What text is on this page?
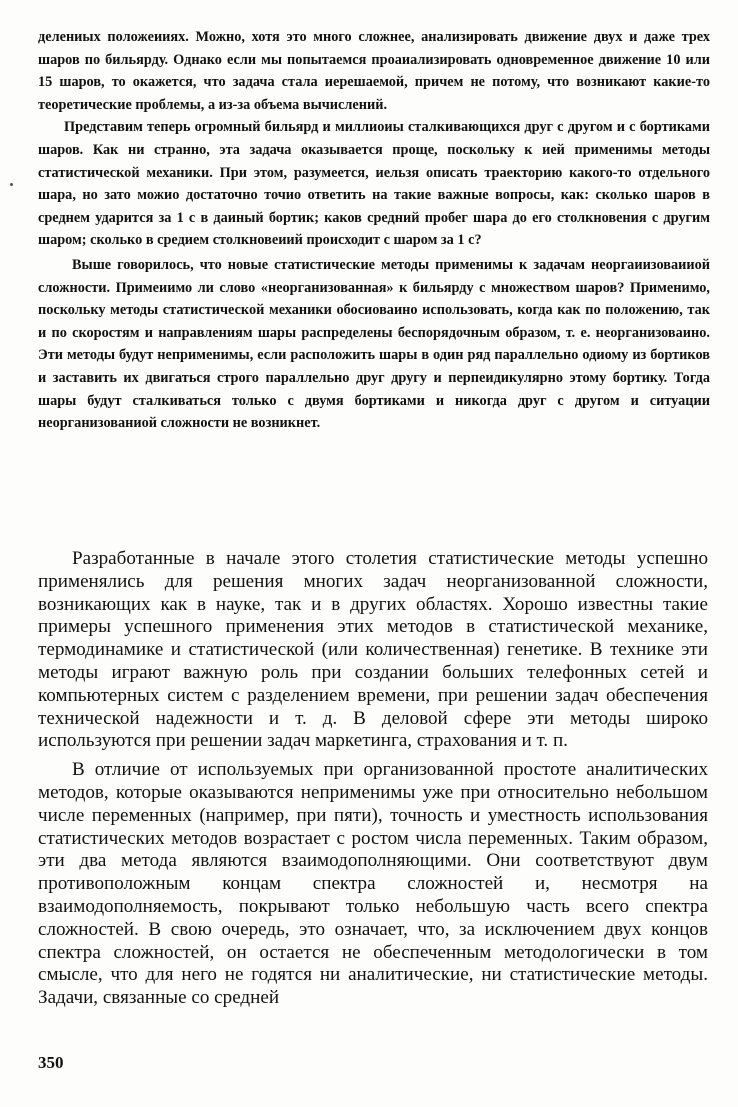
делениых положеииях. Можно, хотя это много сложнее, анализировать движение двух и даже трех шаров по бильярду. Однако если мы попытаемся проаиализировать одновременное движение 10 или 15 шаров, то окажется, что задача стала иерешаемой, причем не потому, что возникают какие-то теоретические проблемы, а из-за объема вычислений.

Представим теперь огромный бильярд и миллиоиы сталкивающихся друг с другом и с бортиками шаров. Как ни странно, эта задача оказывается проще, поскольку к ией применимы методы статистической механики. При этом, разумеется, иельзя описать траекторию какого-то отдельного шара, но зато можио достаточно точио ответить на такие важные вопросы, как: сколько шаров в среднем ударится за 1 с в даиный бортик; каков средний пробег шара до его столкновения с другим шаром; сколько в средием столкновеиий происходит с шаром за 1 с?

Выше говорилось, что новые статистические методы применимы к задачам неоргаиизоваииой сложности. Примеиимо ли слово «неорганизованная» к бильярду с множеством шаров? Применимо, поскольку методы статистической механики обосиоваино использовать, когда как по положению, так и по скоростям и направлениям шары распределены беспорядочным образом, т. е. неорганизоваино. Эти методы будут неприменимы, если расположить шары в один ряд параллельно одиому из бортиков и заставить их двигаться строго параллельно друг другу и перпеидикулярно этому бортику. Тогда шары будут сталкиваться только с двумя бортиками и никогда друг с другом и ситуации неорганизованиой сложности не возникнет.

Разработанные в начале этого столетия статистические методы успешно применялись для решения многих задач неорганизованной сложности, возникающих как в науке, так и в других областях. Хорошо известны такие примеры успешного применения этих методов в статистической механике, термодинамике и статистической (или количественная) генетике. В технике эти методы играют важную роль при создании больших телефонных сетей и компьютерных систем с разделением времени, при решении задач обеспечения технической надежности и т. д. В деловой сфере эти методы широко используются при решении задач маркетинга, страхования и т. п.

В отличие от используемых при организованной простоте аналитических методов, которые оказываются неприменимы уже при относительно небольшом числе переменных (например, при пяти), точность и уместность использования статистических методов возрастает с ростом числа переменных. Таким образом, эти два метода являются взаимодополняющими. Они соответствуют двум противоположным концам спектра сложностей и, несмотря на взаимодополняемость, покрывают только небольшую часть всего спектра сложностей. В свою очередь, это означает, что, за исключением двух концов спектра сложностей, он остается не обеспеченным методологически в том смысле, что для него не годятся ни аналитические, ни статистические методы. Задачи, связанные со средней

350
